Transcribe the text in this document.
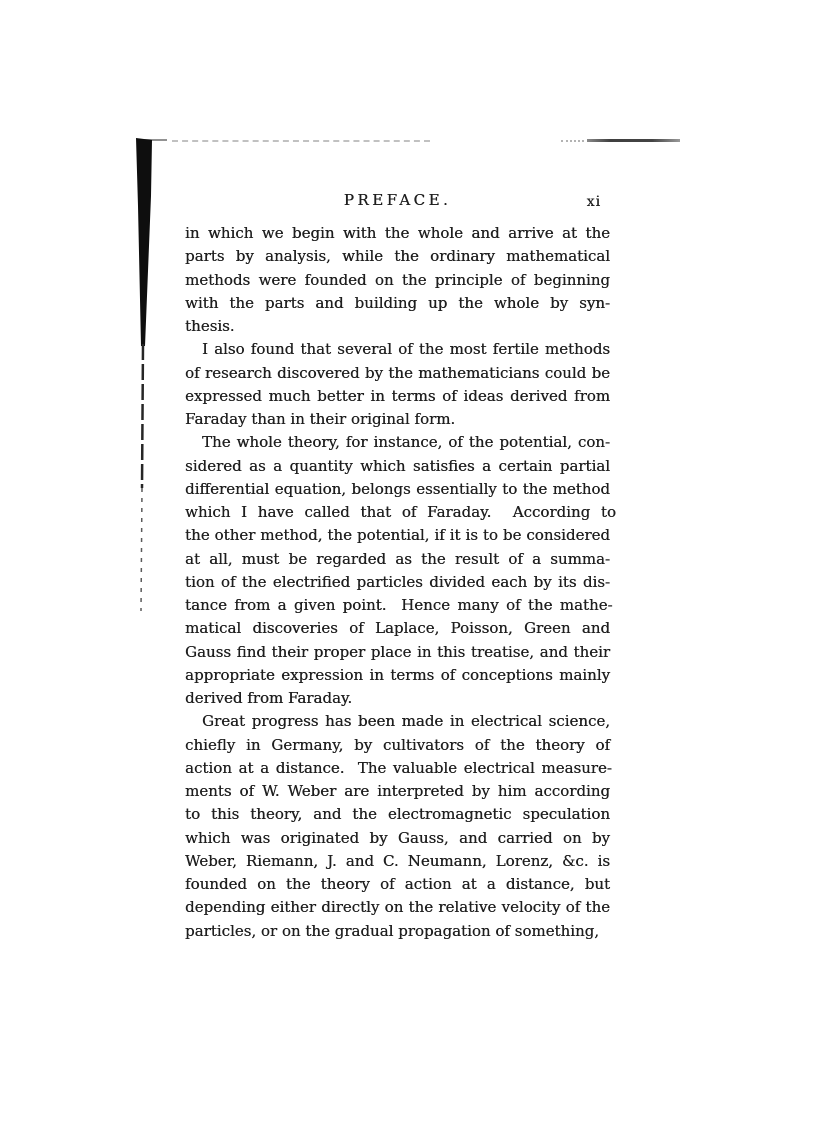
PREFACE.	xi
in which we begin with the whole and arrive at the
parts by analysis, while the ordinary mathematical
methods were founded on the principle of beginning
with the parts and building up the whole by syn-
thesis.
I also found that several of the most fertile methods
of research discovered by the mathematicians could be
expressed much better in terms of ideas derived from
Faraday than in their original form.
The whole theory, for instance, of the potential, con-
sidered as a quantity which satisfies a certain partial
differential equation, belongs essentially to the method
which I have called that of Faraday.  According to
the other method, the potential, if it is to be considered
at all, must be regarded as the result of a summa-
tion of the electrified particles divided each by its dis-
tance from a given point.  Hence many of the mathe-
matical discoveries of Laplace, Poisson, Green and
Gauss find their proper place in this treatise, and their
appropriate expression in terms of conceptions mainly
derived from Faraday.
Great progress has been made in electrical science,
chiefly in Germany, by cultivators of the theory of
action at a distance.  The valuable electrical measure-
ments of W. Weber are interpreted by him according
to this theory, and the electromagnetic speculation
which was originated by Gauss, and carried on by
Weber, Riemann, J. and C. Neumann, Lorenz, &c. is
founded on the theory of action at a distance, but
depending either directly on the relative velocity of the
particles, or on the gradual propagation of something,
